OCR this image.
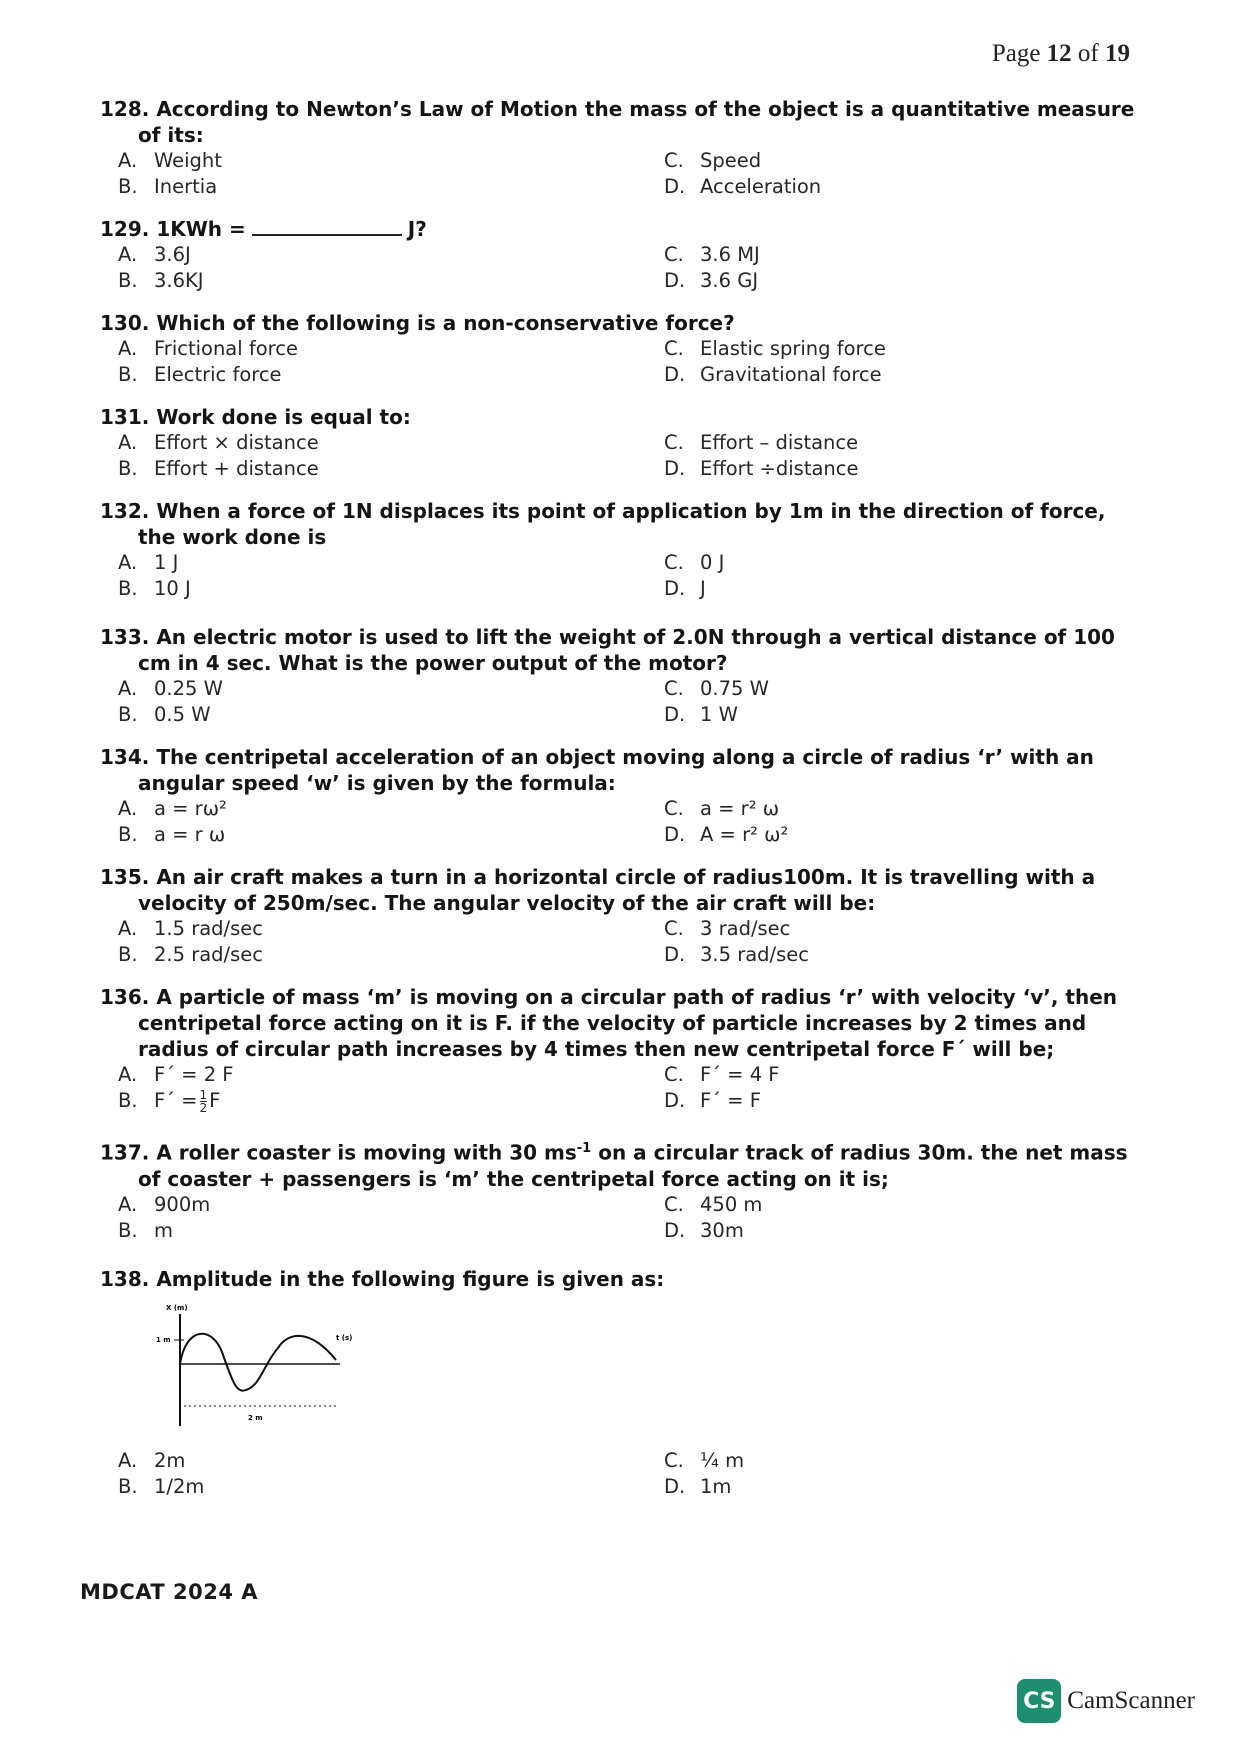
Page 12 of 19
128. According to Newton’s Law of Motion the mass of the object is a quantitative measure of its:
A. Weight	C. Speed
B. Inertia	D. Acceleration
129. 1KWh =	J?
A. 3.6J	C. 3.6 MJ
B. 3.6KJ	D. 3.6 GJ
130. Which of the following is a non-conservative force?
A. Frictional force	C. Elastic spring force
B. Electric force	D. Gravitational force
131. Work done is equal to:
A. Effort × distance	C. Effort – distance
B. Effort + distance	D. Effort ÷distance
132. When a force of 1N displaces its point of application by 1m in the direction of force, the work done is
A. 1 J	C. 0 J
B. 10 J	D. J
133. An electric motor is used to lift the weight of 2.0N through a vertical distance of 100 cm in 4 sec. What is the power output of the motor?
A. 0.25 W	C. 0.75 W
B. 0.5 W	D. 1 W
134. The centripetal acceleration of an object moving along a circle of radius ‘r’ with an angular speed ‘w’ is given by the formula:
A. a = rω²	C. a = r² ω
B. a = r ω	D. A = r² ω²
135. An air craft makes a turn in a horizontal circle of radius100m. It is travelling with a velocity of 250m/sec. The angular velocity of the air craft will be:
A. 1.5 rad/sec	C. 3 rad/sec
B. 2.5 rad/sec	D. 3.5 rad/sec
136. A particle of mass ‘m’ is moving on a circular path of radius ‘r’ with velocity ‘v’, then centripetal force acting on it is F. if the velocity of particle increases by 2 times and radius of circular path increases by 4 times then new centripetal force F´ will be;
A. F´ = 2 F	C. F´ = 4 F
B. F´ = $\frac{1}{2}$ F	D. F´ = F
137. A roller coaster is moving with 30 $ms^{-1}$ on a circular track of radius 30m. the net mass of coaster + passengers is ‘m’ the centripetal force acting on it is;
A. 900m	C. 450 m
B. m	D. 30m
138. Amplitude in the following figure is given as:
X (m)
1 m	t (s)
2 m
A. 2m	C. ¼ m
B. 1/2m	D. 1m
MDCAT 2024 A
CS CamScanner
